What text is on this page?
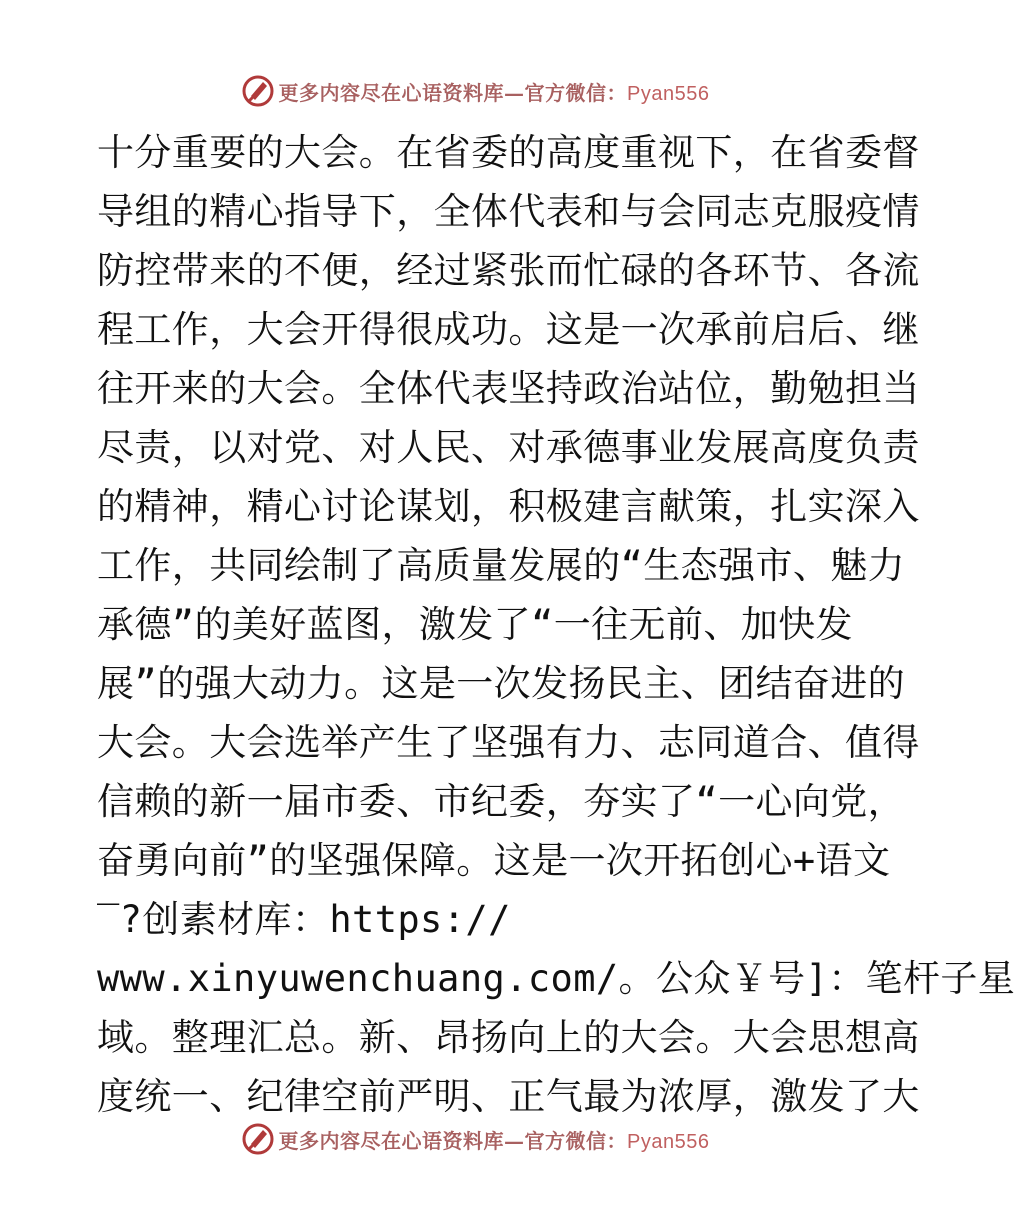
更多内容尽在心语资料库—官方微信：Pyan556
十分重要的大会。在省委的高度重视下，在省委督
导组的精心指导下，全体代表和与会同志克服疫情
防控带来的不便，经过紧张而忙碌的各环节、各流
程工作，大会开得很成功。这是一次承前启后、继
往开来的大会。全体代表坚持政治站位，勤勉担当
尽责，以对党、对人民、对承德事业发展高度负责
的精神，精心讨论谋划，积极建言献策，扎实深入
工作，共同绘制了高质量发展的“生态强市、魅力
承德”的美好蓝图，激发了“一往无前、加快发
展”的强大动力。这是一次发扬民主、团结奋进的
大会。大会选举产生了坚强有力、志同道合、值得
信赖的新一届市委、市纪委，夯实了“一心向党，
奋勇向前”的坚强保障。这是一次开拓创心+语文
‾?创素材库：https://
www.xinyuwenchuang.com/。公众￥号]：笔杆子星
域。整理汇总。新、昂扬向上的大会。大会思想高
度统一、纪律空前严明、正气最为浓厚，激发了大
更多内容尽在心语资料库—官方微信：Pyan556
